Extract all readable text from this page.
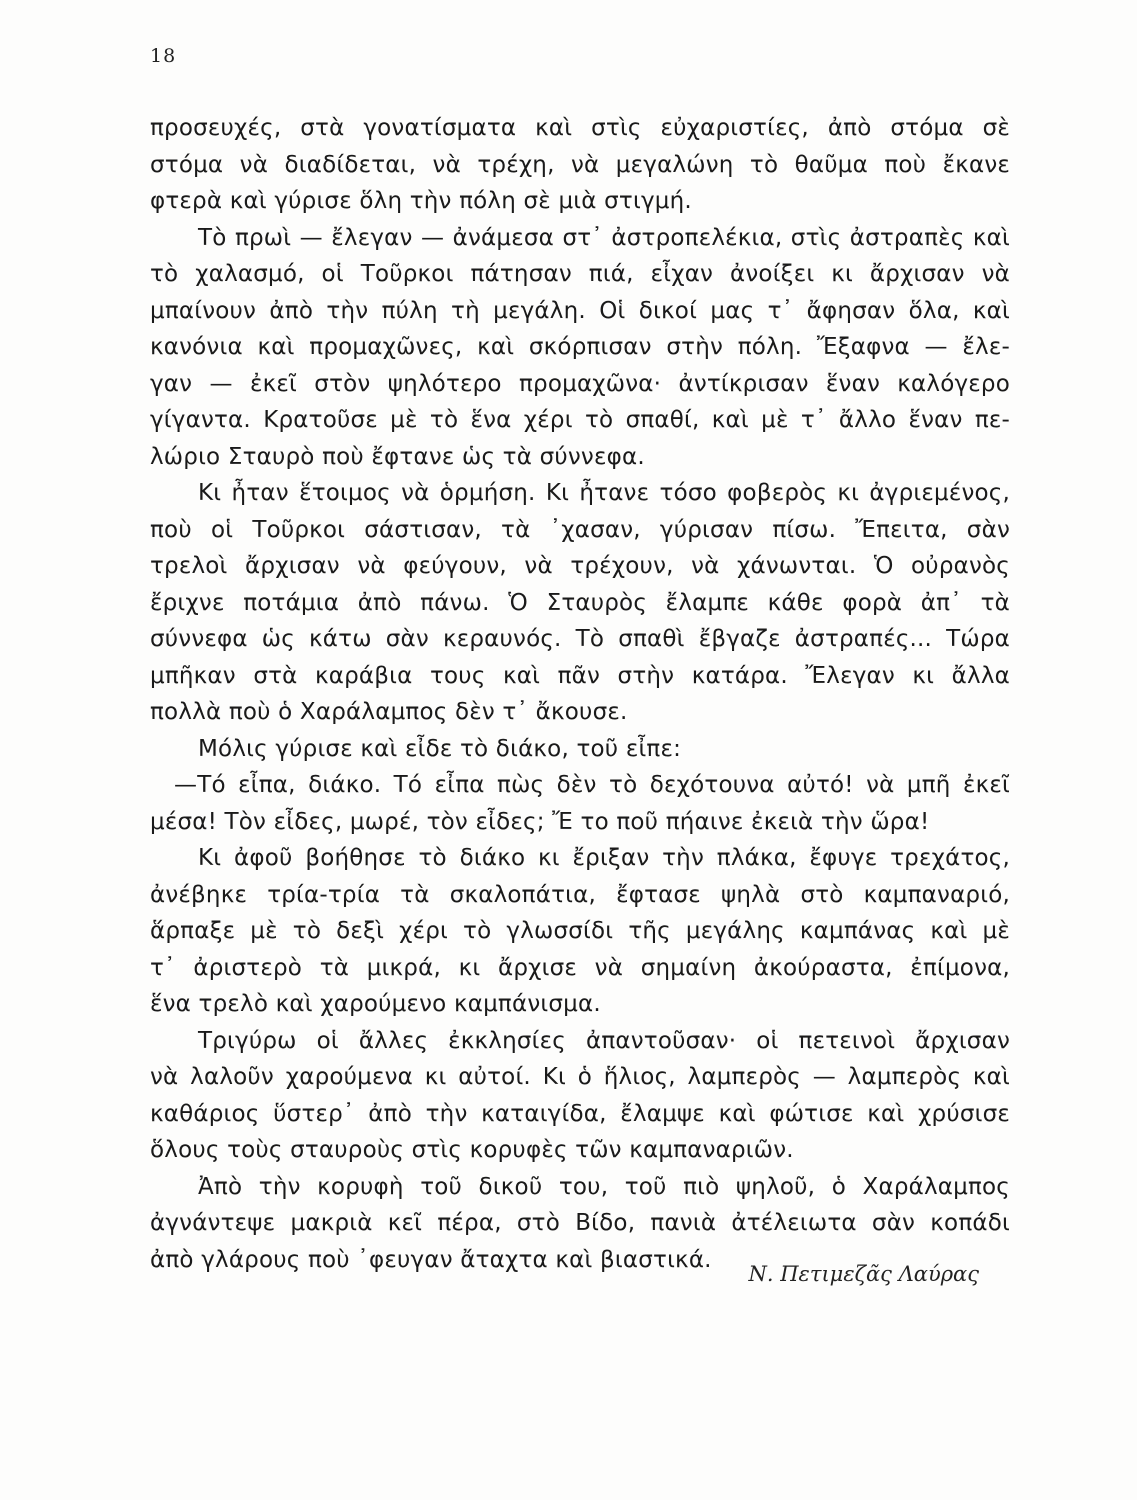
18
προσευχές, στὰ γονατίσματα καὶ στὶς εὐχαριστίες, ἀπὸ στόμα σὲ
στόμα νὰ διαδίδεται, νὰ τρέχη, νὰ μεγαλώνη τὸ θαῦμα ποὺ ἔκανε
φτερὰ καὶ γύρισε ὅλη τὴν πόλη σὲ μιὰ στιγμή.
Τὸ πρωὶ — ἔλεγαν — ἀνάμεσα στ᾽ ἀστροπελέκια, στὶς ἀστραπὲς καὶ
τὸ χαλασμό, οἱ Τοῦρκοι πάτησαν πιά, εἶχαν ἀνοίξει κι ἄρχισαν νὰ
μπαίνουν ἀπὸ τὴν πύλη τὴ μεγάλη. Οἱ δικοί μας τ᾽ ἄφησαν ὅλα, καὶ
κανόνια καὶ προμαχῶνες, καὶ σκόρπισαν στὴν πόλη. Ἔξαφνα — ἔλε-
γαν — ἐκεῖ στὸν ψηλότερο προμαχῶνα· ἀντίκρισαν ἕναν καλόγερο
γίγαντα. Κρατοῦσε μὲ τὸ ἕνα χέρι τὸ σπαθί, καὶ μὲ τ᾽ ἄλλο ἕναν πε-
λώριο Σταυρὸ ποὺ ἔφτανε ὡς τὰ σύννεφα.
Κι ἦταν ἕτοιμος νὰ ὁρμήση. Κι ἦτανε τόσο φοβερὸς κι ἀγριεμένος,
ποὺ οἱ Τοῦρκοι σάστισαν, τὰ ᾽χασαν, γύρισαν πίσω. Ἔπειτα, σὰν
τρελοὶ ἄρχισαν νὰ φεύγουν, νὰ τρέχουν, νὰ χάνωνται. Ὁ οὐρανὸς
ἔριχνε ποτάμια ἀπὸ πάνω. Ὁ Σταυρὸς ἔλαμπε κάθε φορὰ ἀπ᾽ τὰ
σύννεφα ὡς κάτω σὰν κεραυνός. Τὸ σπαθὶ ἔβγαζε ἀστραπές... Τώρα
μπῆκαν στὰ καράβια τους καὶ πᾶν στὴν κατάρα. Ἔλεγαν κι ἄλλα
πολλὰ ποὺ ὁ Χαράλαμπος δὲν τ᾽ ἄκουσε.
Μόλις γύρισε καὶ εἶδε τὸ διάκο, τοῦ εἶπε:
—Τό εἶπα, διάκο. Τό εἶπα πὼς δὲν τὸ δεχότουνα αὐτό! νὰ μπῆ ἐκεῖ
μέσα! Τὸν εἶδες, μωρέ, τὸν εἶδες; Ἔ το ποῦ πήαινε ἐκειὰ τὴν ὥρα!
Κι ἀφοῦ βοήθησε τὸ διάκο κι ἔριξαν τὴν πλάκα, ἔφυγε τρεχάτος,
ἀνέβηκε τρία-τρία τὰ σκαλοπάτια, ἔφτασε ψηλὰ στὸ καμπαναριό,
ἅρπαξε μὲ τὸ δεξὶ χέρι τὸ γλωσσίδι τῆς μεγάλης καμπάνας καὶ μὲ
τ᾽ ἀριστερὸ τὰ μικρά, κι ἄρχισε νὰ σημαίνη ἀκούραστα, ἐπίμονα,
ἕνα τρελὸ καὶ χαρούμενο καμπάνισμα.
Τριγύρω οἱ ἄλλες ἐκκλησίες ἀπαντοῦσαν· οἱ πετεινοὶ ἄρχισαν
νὰ λαλοῦν χαρούμενα κι αὐτοί. Κι ὁ ἥλιος, λαμπερὸς — λαμπερὸς καὶ
καθάριος ὕστερ᾽ ἀπὸ τὴν καταιγίδα, ἔλαμψε καὶ φώτισε καὶ χρύσισε
ὅλους τοὺς σταυροὺς στὶς κορυφὲς τῶν καμπαναριῶν.
Ἀπὸ τὴν κορυφὴ τοῦ δικοῦ του, τοῦ πιὸ ψηλοῦ, ὁ Χαράλαμπος
ἀγνάντεψε μακριὰ κεῖ πέρα, στὸ Βίδο, πανιὰ ἀτέλειωτα σὰν κοπάδι
ἀπὸ γλάρους ποὺ ᾽φευγαν ἄταχτα καὶ βιαστικά.
Ν. Πετιμεζᾶς Λαύρας
